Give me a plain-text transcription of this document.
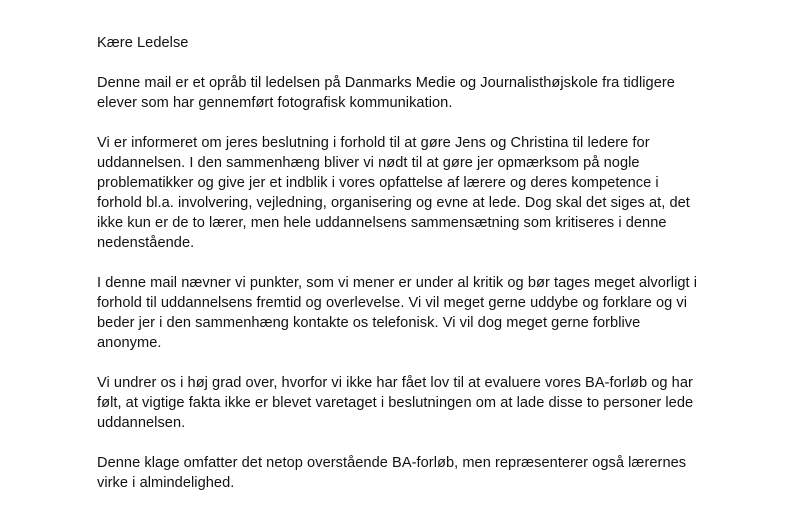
Kære Ledelse

Denne mail er et opråb til ledelsen på Danmarks Medie og Journalisthøjskole fra tidligere
elever som har gennemført fotografisk kommunikation.

Vi er informeret om jeres beslutning i forhold til at gøre Jens og Christina til ledere for
uddannelsen. I den sammenhæng bliver vi nødt til at gøre jer opmærksom på nogle
problematikker og give jer et indblik i vores opfattelse af lærere og deres kompetence i
forhold bl.a. involvering, vejledning, organisering og evne at lede. Dog skal det siges at, det
ikke kun er de to lærer, men hele uddannelsens sammensætning som kritiseres i denne
nedenstående.

I denne mail nævner vi punkter, som vi mener er under al kritik og bør tages meget alvorligt i
forhold til uddannelsens fremtid og overlevelse. Vi vil meget gerne uddybe og forklare og vi
beder jer i den sammenhæng kontakte os telefonisk. Vi vil dog meget gerne forblive
anonyme.

Vi undrer os i høj grad over, hvorfor vi ikke har fået lov til at evaluere vores BA-forløb og har
følt, at vigtige fakta ikke er blevet varetaget i beslutningen om at lade disse to personer lede
uddannelsen.

Denne klage omfatter det netop overstående BA-forløb, men repræsenterer også lærernes
virke i almindelighed.
